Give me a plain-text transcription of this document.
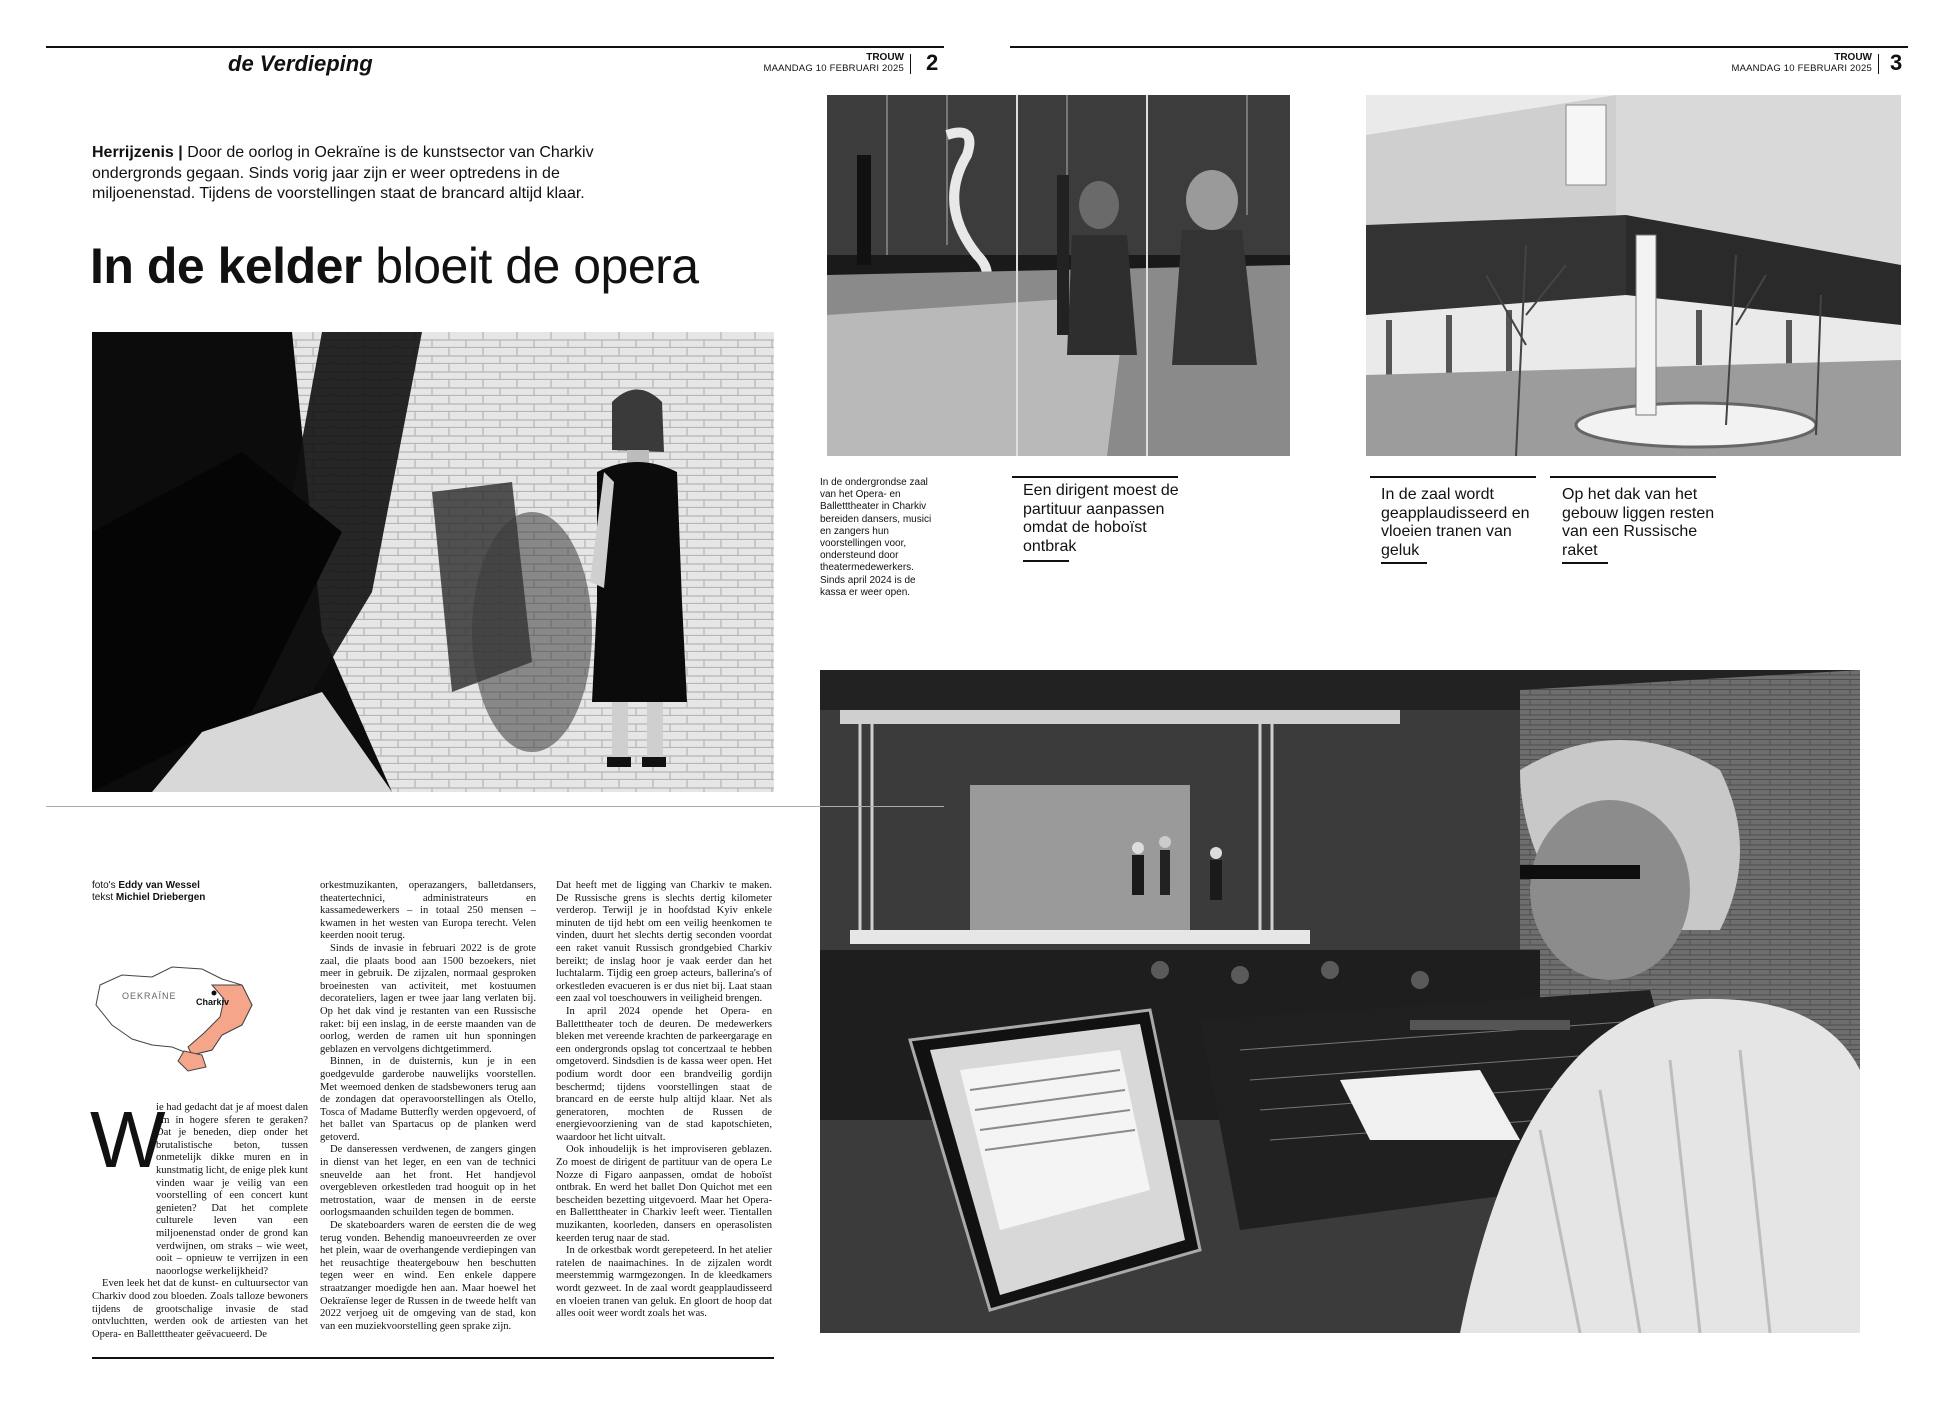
de Verdieping	TROUW
MAANDAG 10 FEBRUARI 2025 2	TROUW
MAANDAG 10 FEBRUARI 2025 3
Herrijzenis | Door de oorlog in Oekraïne is de kunstsector van Charkiv ondergronds gegaan. Sinds vorig jaar zijn er weer optredens in de miljoenenstad. Tijdens de voorstellingen staat de brancard altijd klaar.
In de kelder bloeit de opera
In de ondergrondse zaal van het Opera- en Balletttheater in Charkiv bereiden dansers, musici en zangers hun voorstellingen voor, ondersteund door theatermedewerkers. Sinds april 2024 is de kassa er weer open.
Een dirigent moest de partituur aanpassen omdat de hoboïst ontbrak
In de zaal wordt geapplaudisseerd en vloeien tranen van geluk
Op het dak van het gebouw liggen resten van een Russische raket
foto's Eddy van Wessel
tekst Michiel Driebergen
OEKRAÏNE
Charkiv
W

ie had gedacht dat je af moest dalen om in hogere sferen te geraken? Dat je beneden, diep onder het brutalistische beton, tussen onmetelijk dikke muren en in kunstmatig licht, de enige plek kunt vinden waar je veilig van een voorstelling of een concert kunt genieten? Dat het complete culturele leven van een miljoenenstad onder de grond kan verdwijnen, om straks – wie weet, ooit – opnieuw te verrijzen in een naoorlogse werkelijkheid?

Even leek het dat de kunst- en cultuursector van Charkiv dood zou bloeden. Zoals talloze bewoners tijdens de grootschalige invasie de stad ontvluchtten, werden ook de artiesten van het Opera- en Balletttheater geëvacueerd. De

orkestmuzikanten, operazangers, balletdansers, theatertechnici, administrateurs en kassamedewerkers – in totaal 250 mensen – kwamen in het westen van Europa terecht. Velen keerden nooit terug.

Sinds de invasie in februari 2022 is de grote zaal, die plaats bood aan 1500 bezoekers, niet meer in gebruik. De zijzalen, normaal gesproken broeinesten van activiteit, met kostuumen decorateliers, lagen er twee jaar lang verlaten bij. Op het dak vind je restanten van een Russische raket: bij een inslag, in de eerste maanden van de oorlog, werden de ramen uit hun sponningen geblazen en vervolgens dichtgetimmerd.

Binnen, in de duisternis, kun je in een goedgevulde garderobe nauwelijks voorstellen. Met weemoed denken de stadsbewoners terug aan de zondagen dat operavoorstellingen als Otello, Tosca of Madame Butterfly werden opgevoerd, of het ballet van Spartacus op de planken werd getoverd.

De danseressen verdwenen, de zangers gingen in dienst van het leger, en een van de technici sneuvelde aan het front. Het handjevol overgebleven orkestleden trad hooguit op in het metrostation, waar de mensen in de eerste oorlogsmaanden schuilden tegen de bommen.

De skateboarders waren de eersten die de weg terug vonden. Behendig manoeuvreerden ze over het plein, waar de overhangende verdiepingen van het reusachtige theatergebouw hen beschutten tegen weer en wind. Een enkele dappere straatzanger moedigde hen aan. Maar hoewel het Oekraïense leger de Russen in de tweede helft van 2022 verjoeg uit de omgeving van de stad, kon van een muziekvoorstelling geen sprake zijn.

Dat heeft met de ligging van Charkiv te maken. De Russische grens is slechts dertig kilometer verderop. Terwijl je in hoofdstad Kyiv enkele minuten de tijd hebt om een veilig heenkomen te vinden, duurt het slechts dertig seconden voordat een raket vanuit Russisch grondgebied Charkiv bereikt; de inslag hoor je vaak eerder dan het luchtalarm. Tijdig een groep acteurs, ballerina's of orkestleden evacueren is er dus niet bij. Laat staan een zaal vol toeschouwers in veiligheid brengen.

In april 2024 opende het Opera- en Balletttheater toch de deuren. De medewerkers bleken met vereende krachten de parkeergarage en een ondergronds opslag tot concertzaal te hebben omgetoverd. Sindsdien is de kassa weer open. Het podium wordt door een brandveilig gordijn beschermd; tijdens voorstellingen staat de brancard en de eerste hulp altijd klaar. Net als generatoren, mochten de Russen de energievoorziening van de stad kapotschieten, waardoor het licht uitvalt.

Ook inhoudelijk is het improviseren geblazen. Zo moest de dirigent de partituur van de opera Le Nozze di Figaro aanpassen, omdat de hoboïst ontbrak. En werd het ballet Don Quichot met een bescheiden bezetting uitgevoerd. Maar het Opera- en Balletttheater in Charkiv leeft weer. Tientallen muzikanten, koorleden, dansers en operasolisten keerden terug naar de stad.

In de orkestbak wordt gerepeteerd. In het atelier ratelen de naaimachines. In de zijzalen wordt meerstemmig warmgezongen. In de kleedkamers wordt gezweet. In de zaal wordt geapplaudisseerd en vloeien tranen van geluk. En gloort de hoop dat alles ooit weer wordt zoals het was.
